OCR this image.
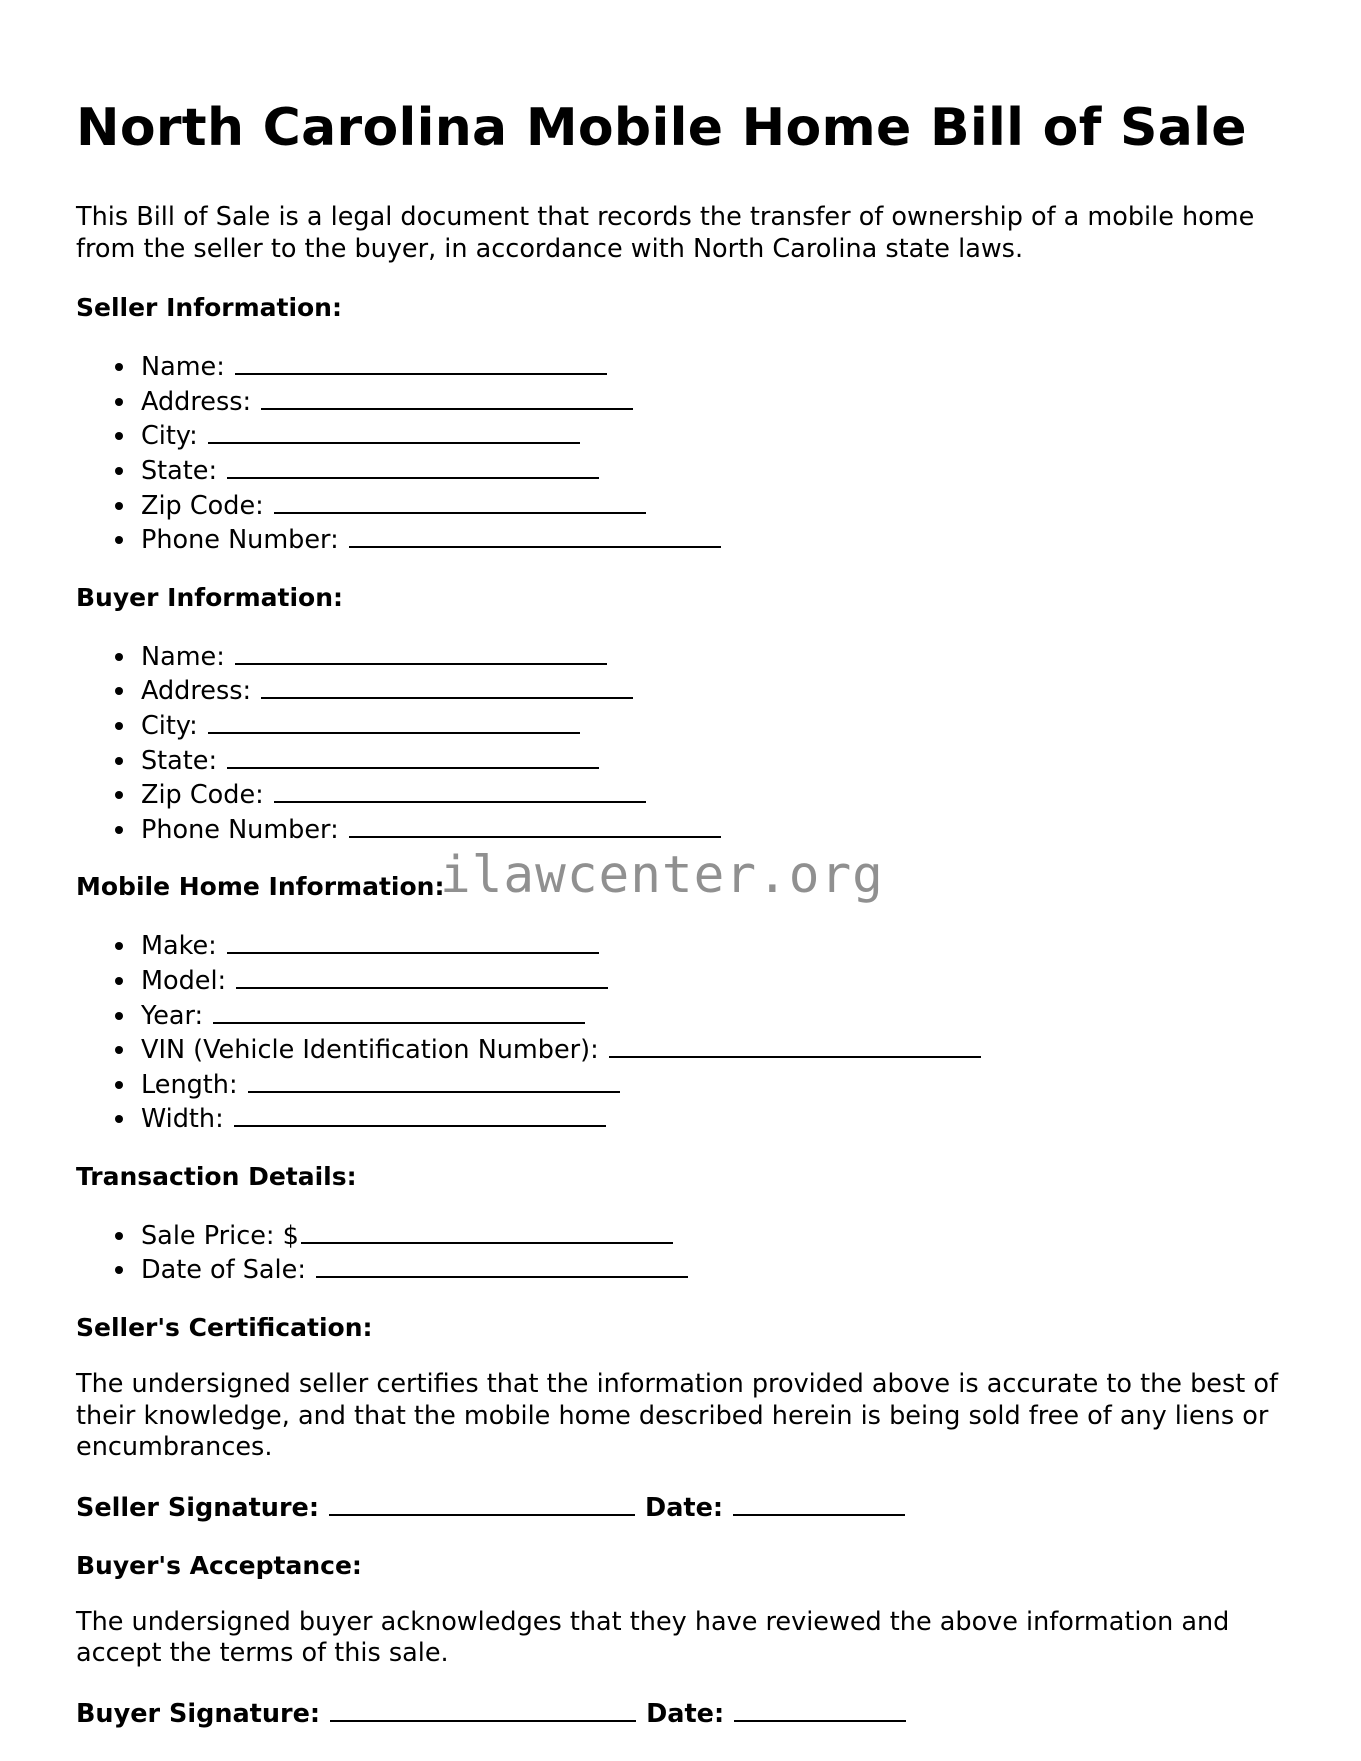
North Carolina Mobile Home Bill of Sale

This Bill of Sale is a legal document that records the transfer of ownership of a mobile home from the seller to the buyer, in accordance with North Carolina state laws.

Seller Information:
Name:
Address:
City:
State:
Zip Code:
Phone Number:
Buyer Information:
Name:
Address:
City:
State:
Zip Code:
Phone Number:
Mobile Home Information:
Make:
Model:
Year:
VIN (Vehicle Identification Number):
Length:
Width:
Transaction Details:
Sale Price: $
Date of Sale:
Seller's Certification:

The undersigned seller certifies that the information provided above is accurate to the best of their knowledge, and that the mobile home described herein is being sold free of any liens or encumbrances.

Seller Signature:	Date:
Buyer's Acceptance:

The undersigned buyer acknowledges that they have reviewed the above information and accept the terms of this sale.

Buyer Signature:	Date:
ilawcenter.org
